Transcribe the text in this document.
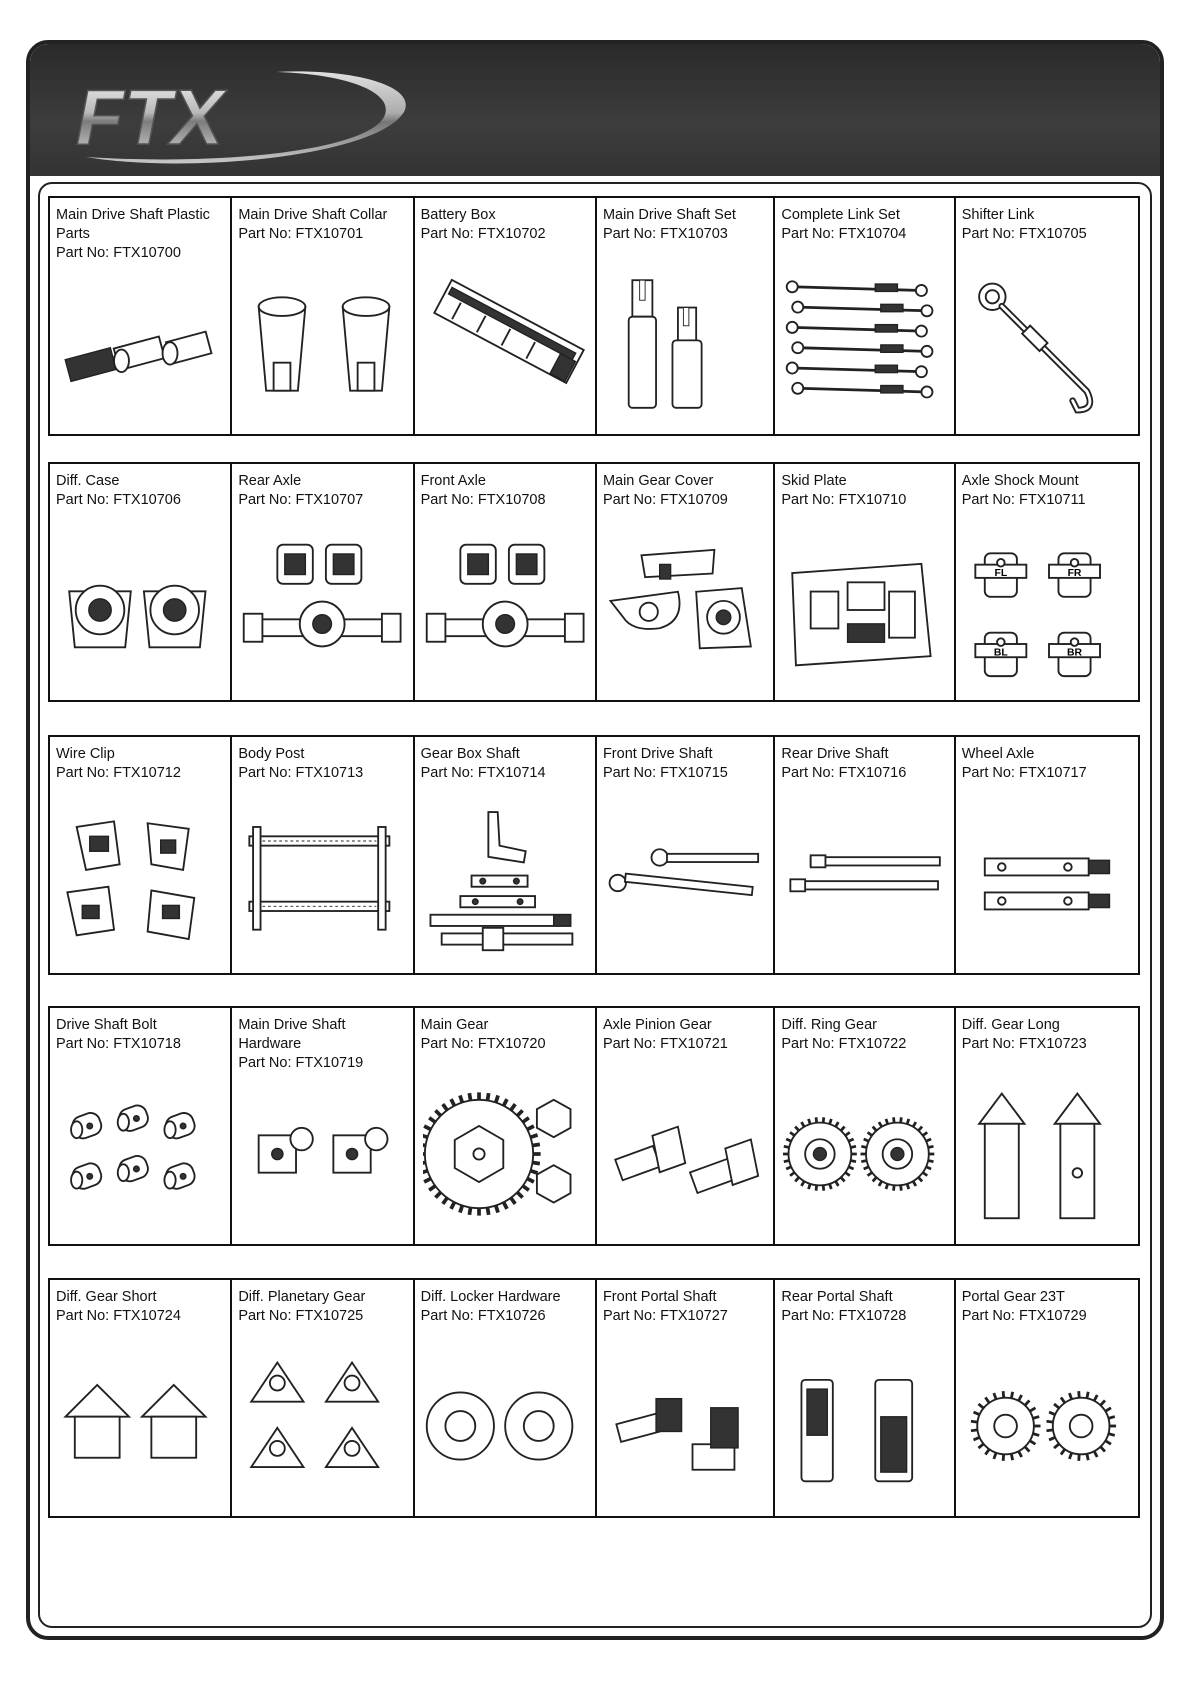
FTX
Main Drive Shaft Plastic Parts
Part No: FTX10700
Main Drive Shaft Collar
Part No: FTX10701
Battery Box
Part No: FTX10702
Main Drive Shaft Set
Part No: FTX10703
Complete Link Set
Part No: FTX10704
Shifter Link
Part No: FTX10705
Diff. Case
Part No: FTX10706
Rear Axle
Part No: FTX10707
Front Axle
Part No: FTX10708
Main Gear Cover
Part No: FTX10709
Skid Plate
Part No: FTX10710
Axle Shock Mount
Part No: FTX10711
FL	FR
BL	BR
Wire Clip
Part No: FTX10712
Body Post
Part No: FTX10713
Gear Box Shaft
Part No: FTX10714
Front Drive Shaft
Part No: FTX10715
Rear Drive Shaft
Part No: FTX10716
Wheel Axle
Part No: FTX10717
Drive Shaft Bolt
Part No: FTX10718
Main Drive Shaft Hardware
Part No: FTX10719
Main Gear
Part No: FTX10720
Axle Pinion Gear
Part No: FTX10721
Diff. Ring Gear
Part No: FTX10722
Diff. Gear Long
Part No: FTX10723
Diff. Gear Short
Part No: FTX10724
Diff. Planetary Gear
Part No: FTX10725
Diff. Locker Hardware
Part No: FTX10726
Front Portal Shaft
Part No: FTX10727
Rear Portal Shaft
Part No: FTX10728
Portal Gear 23T
Part No: FTX10729
